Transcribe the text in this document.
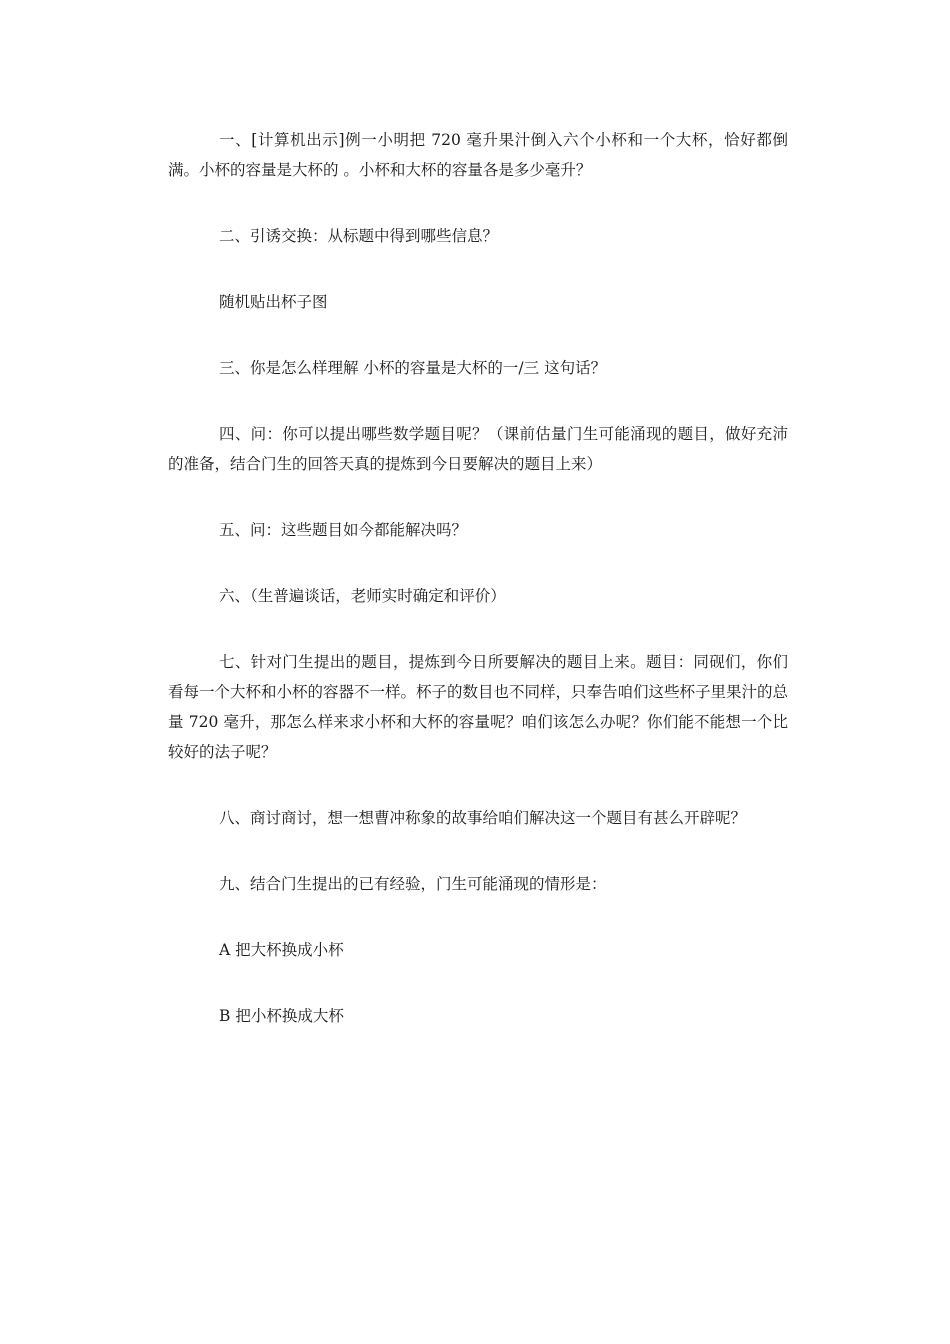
一、[计算机出示]例一小明把 720 毫升果汁倒入六个小杯和一个大杯，恰好都倒满。小杯的容量是大杯的 。小杯和大杯的容量各是多少毫升？

二、引诱交换：从标题中得到哪些信息？

随机贴出杯子图

三、你是怎么样理解 小杯的容量是大杯的一/三 这句话？

四、问：你可以提出哪些数学题目呢？（课前估量门生可能涌现的题目，做好充沛的准备，结合门生的回答天真的提炼到今日要解决的题目上来）

五、问：这些题目如今都能解决吗？

六、（生普遍谈话，老师实时确定和评价）

七、针对门生提出的题目，提炼到今日所要解决的题目上来。题目：同砚们，你们看每一个大杯和小杯的容器不一样。杯子的数目也不同样，只奉告咱们这些杯子里果汁的总量 720 毫升，那怎么样来求小杯和大杯的容量呢？咱们该怎么办呢？你们能不能想一个比较好的法子呢？

八、商讨商讨，想一想曹冲称象的故事给咱们解决这一个题目有甚么开辟呢？

九、结合门生提出的已有经验，门生可能涌现的情形是：

A 把大杯换成小杯

B 把小杯换成大杯
